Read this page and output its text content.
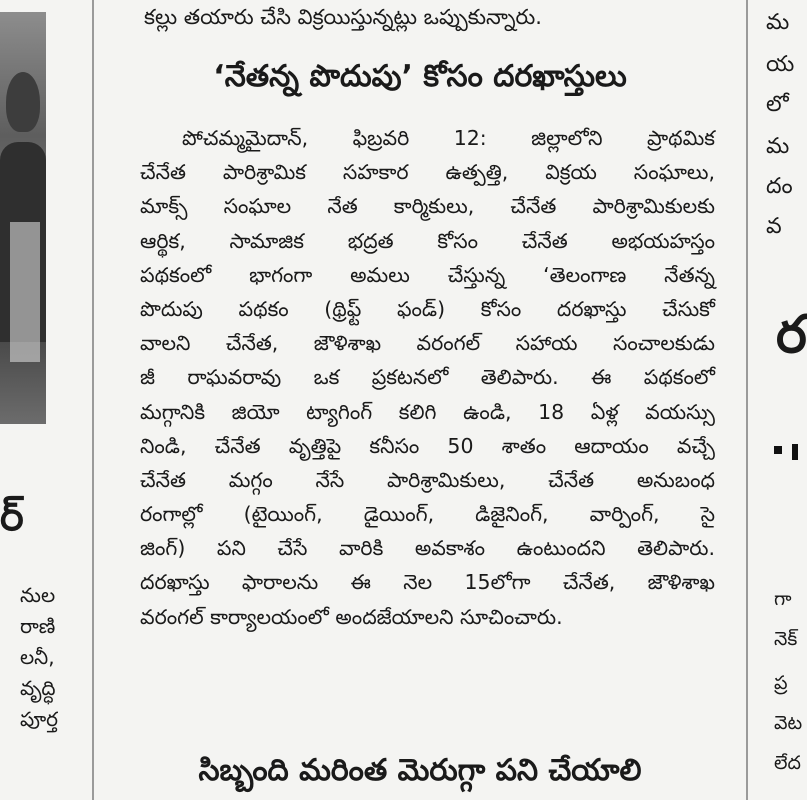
ర్
నుల
రాణి
లనీ,
వృద్ధి
పూర్త
కల్లు తయారు చేసి విక్రయిస్తున్నట్లు ఒప్పుకున్నారు.
‘నేతన్న పొదుపు’ కోసం దరఖాస్తులు
పోచమ్మమైదాన్, ఫిబ్రవరి 12: జిల్లాలోని ప్రాథమిక
చేనేత పారిశ్రామిక సహకార ఉత్పత్తి, విక్రయ సంఘాలు,
మాక్స్ సంఘాల నేత కార్మికులు, చేనేత పారిశ్రామికులకు
ఆర్థిక, సామాజిక భద్రత కోసం చేనేత అభయహస్తం
పథకంలో భాగంగా అమలు చేస్తున్న ‘తెలంగాణ నేతన్న
పొదుపు పథకం (థ్రిఫ్ట్ ఫండ్) కోసం దరఖాస్తు చేసుకో
వాలని చేనేత, జౌళిశాఖ వరంగల్ సహాయ సంచాలకుడు
జీ రాఘవరావు ఒక ప్రకటనలో తెలిపారు. ఈ పథకంలో
మగ్గానికి జియో ట్యాగింగ్ కలిగి ఉండి, 18 ఏళ్ల వయస్సు
నిండి, చేనేత వృత్తిపై కనీసం 50 శాతం ఆదాయం వచ్చే
చేనేత మగ్గం నేసే పారిశ్రామికులు, చేనేత అనుబంధ
రంగాల్లో (టైయింగ్, డైయింగ్, డిజైనింగ్, వార్పింగ్, సై
జింగ్) పని చేసే వారికి అవకాశం ఉంటుందని తెలిపారు.
దరఖాస్తు ఫారాలను ఈ నెల 15లోగా చేనేత, జౌళిశాఖ
వరంగల్ కార్యాలయంలో అందజేయాలని సూచించారు.
సిబ్బంది మరింత మెరుగ్గా పని చేయాలి
మ
య
లో
మ
దం
వ
ర
గా
నెక్
ప్ర
వెట
లేద
